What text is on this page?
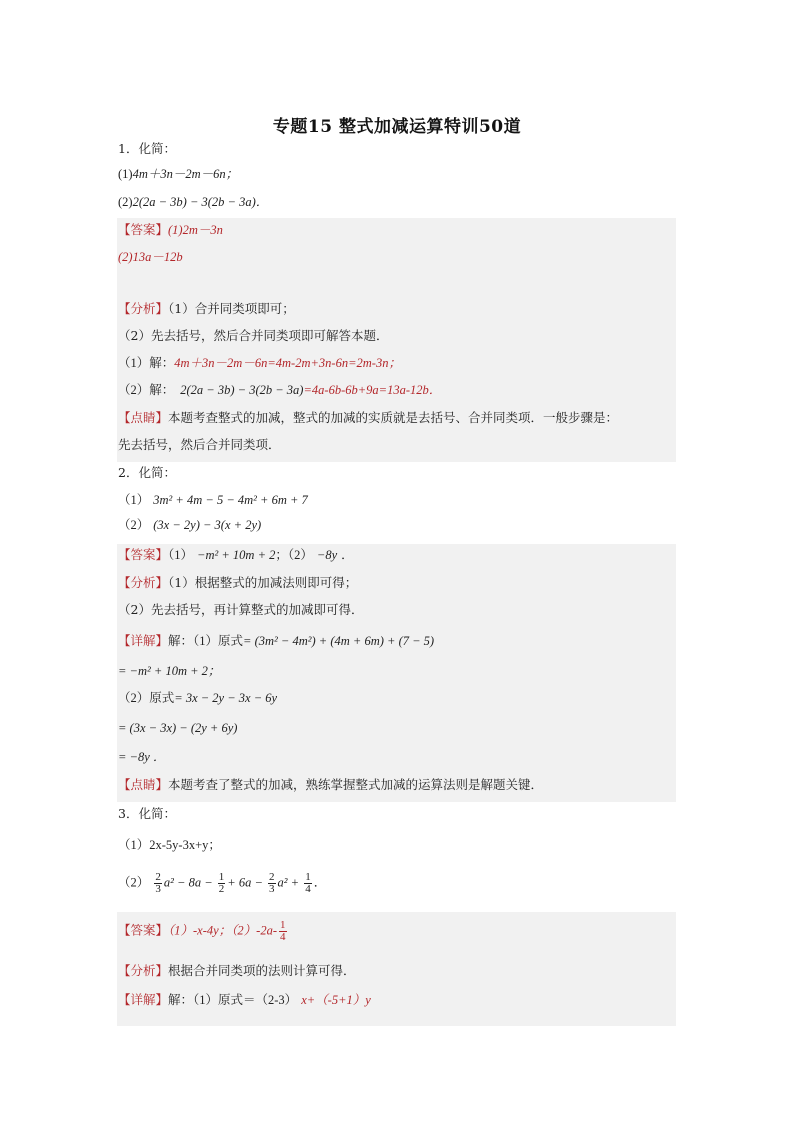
专题15 整式加减运算特训50道
1．化简：
(1)4m＋3n－2m－6n；
(2)2(2a − 3b) − 3(2b − 3a)．
【答案】(1)2m－3n
(2)13a－12b
【分析】（1）合并同类项即可；
（2）先去括号，然后合并同类项即可解答本题．
（1）解：4m＋3n－2m－6n=4m-2m+3n-6n=2m-3n；
（2）解： 2(2a − 3b) − 3(2b − 3a)=4a-6b-6b+9a=13a-12b．
【点睛】本题考查整式的加减，整式的加减的实质就是去括号、合并同类项．一般步骤是：
先去括号，然后合并同类项．
2．化简：
（1） 3m² + 4m − 5 − 4m² + 6m + 7
（2） (3x − 2y) − 3(x + 2y)
【答案】（1） −m² + 10m + 2；（2） −8y ．
【分析】（1）根据整式的加减法则即可得；
（2）先去括号，再计算整式的加减即可得．
【详解】解：（1）原式= (3m² − 4m²) + (4m + 6m) + (7 − 5)
= −m² + 10m + 2；
（2）原式= 3x − 2y − 3x − 6y
= (3x − 3x) − (2y + 6y)
= −8y ．
【点睛】本题考查了整式的加减，熟练掌握整式加减的运算法则是解题关键．
3．化简：
（1）2x-5y-3x+y；
$(2) \frac{2}{3} a^2 - 8a - \frac{1}{2} + 6a - \frac{2}{3} a^2 + \frac{1}{4}$ ．
【答案】（1）-x-4y；$(2)-2a- \frac{1}{4}$
【分析】根据合并同类项的法则计算可得．
【详解】解：（1）原式＝（2-3） x+（-5+1）y
